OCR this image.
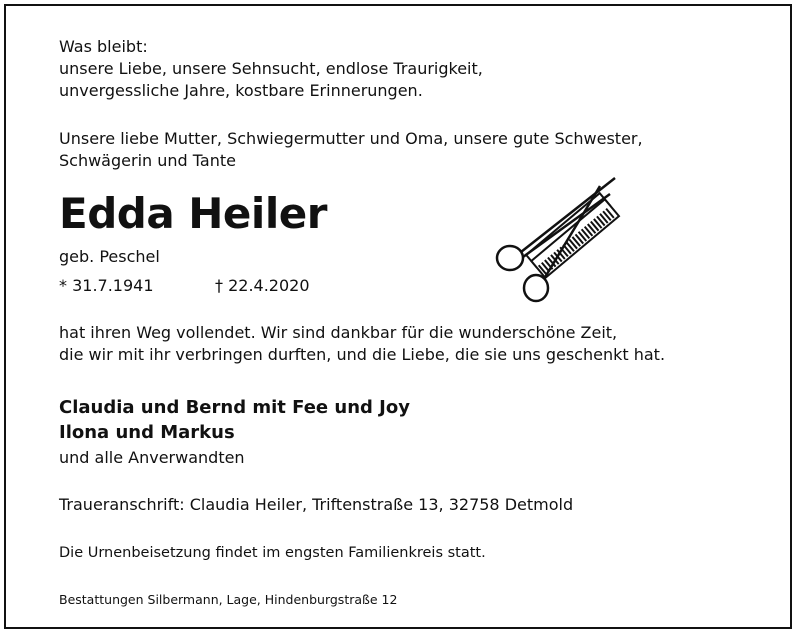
Was bleibt:
unsere Liebe, unsere Sehnsucht, endlose Traurigkeit,
unvergessliche Jahre, kostbare Erinnerungen.
Unsere liebe Mutter, Schwiegermutter und Oma, unsere gute Schwester,
Schwägerin und Tante
Edda Heiler
geb. Peschel
* 31.7.1941	† 22.4.2020
hat ihren Weg vollendet. Wir sind dankbar für die wunderschöne Zeit,
die wir mit ihr verbringen durften, und die Liebe, die sie uns geschenkt hat.
Claudia und Bernd mit Fee und Joy
Ilona und Markus
und alle Anverwandten
Traueranschrift: Claudia Heiler, Triftenstraße 13, 32758 Detmold
Die Urnenbeisetzung findet im engsten Familienkreis statt.
Bestattungen Silbermann, Lage, Hindenburgstraße 12
